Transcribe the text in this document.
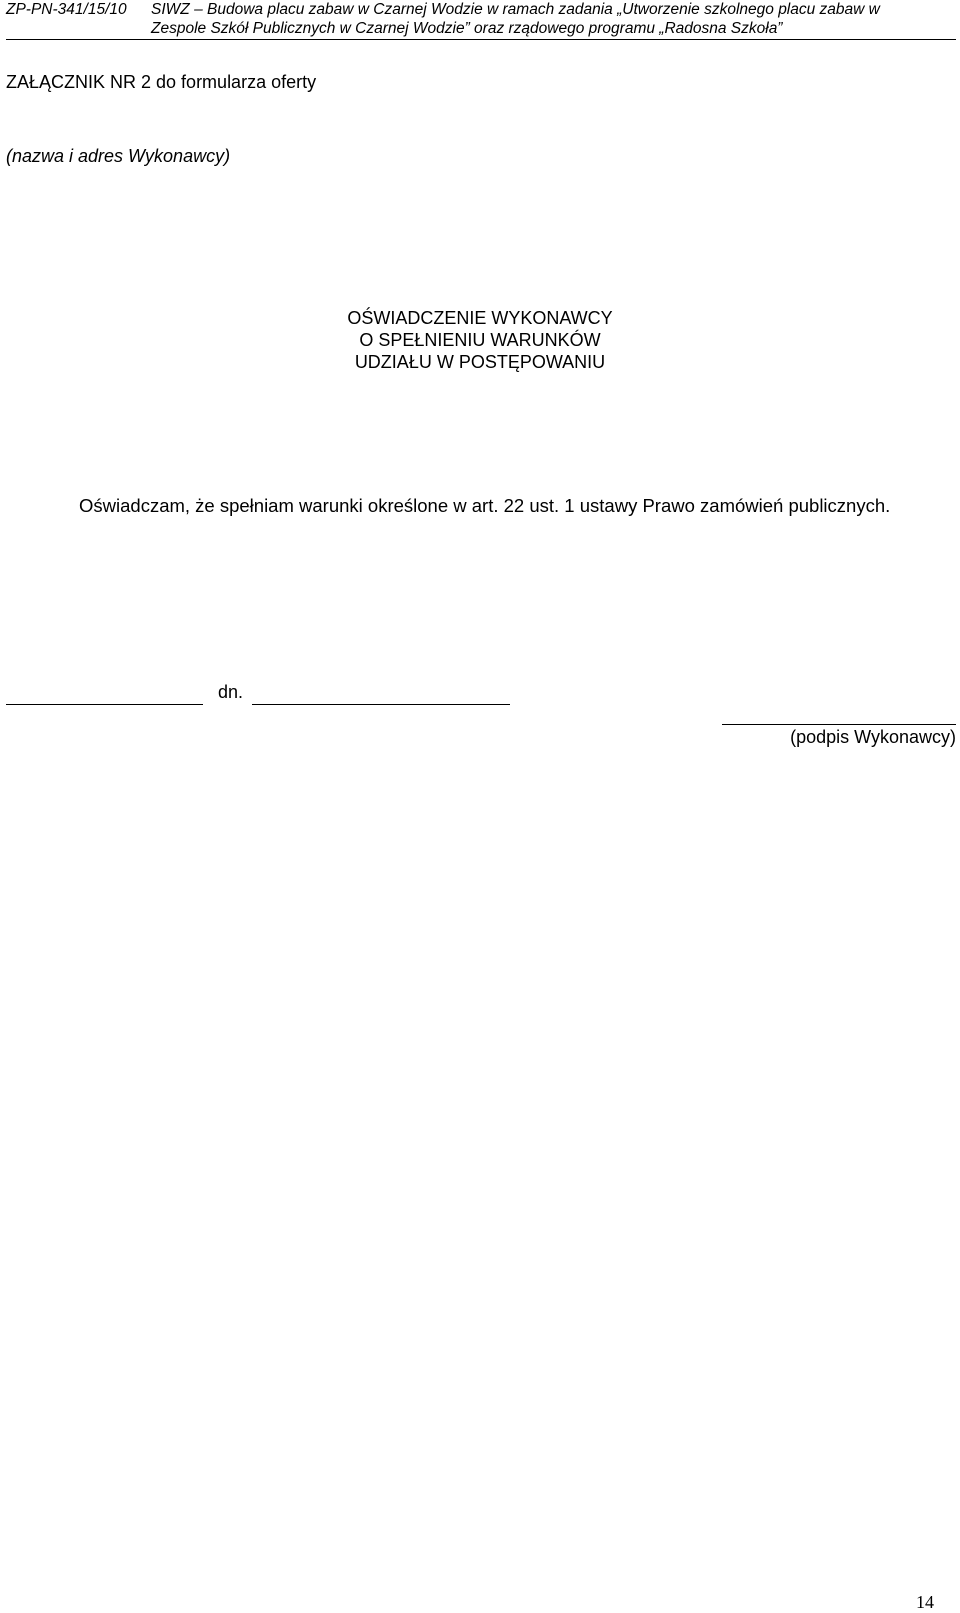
ZP-PN-341/15/10 SIWZ – Budowa placu zabaw w Czarnej Wodzie w ramach zadania „Utworzenie szkolnego placu zabaw w
Zespole Szkół Publicznych w Czarnej Wodzie” oraz rządowego programu „Radosna Szkoła”
ZAŁĄCZNIK NR 2 do formularza oferty
(nazwa i adres Wykonawcy)
OŚWIADCZENIE WYKONAWCY
O SPEŁNIENIU WARUNKÓW
UDZIAŁU W POSTĘPOWANIU
Oświadczam, że spełniam warunki określone w art. 22 ust. 1 ustawy Prawo zamówień publicznych.
dn.
(podpis Wykonawcy)
14
